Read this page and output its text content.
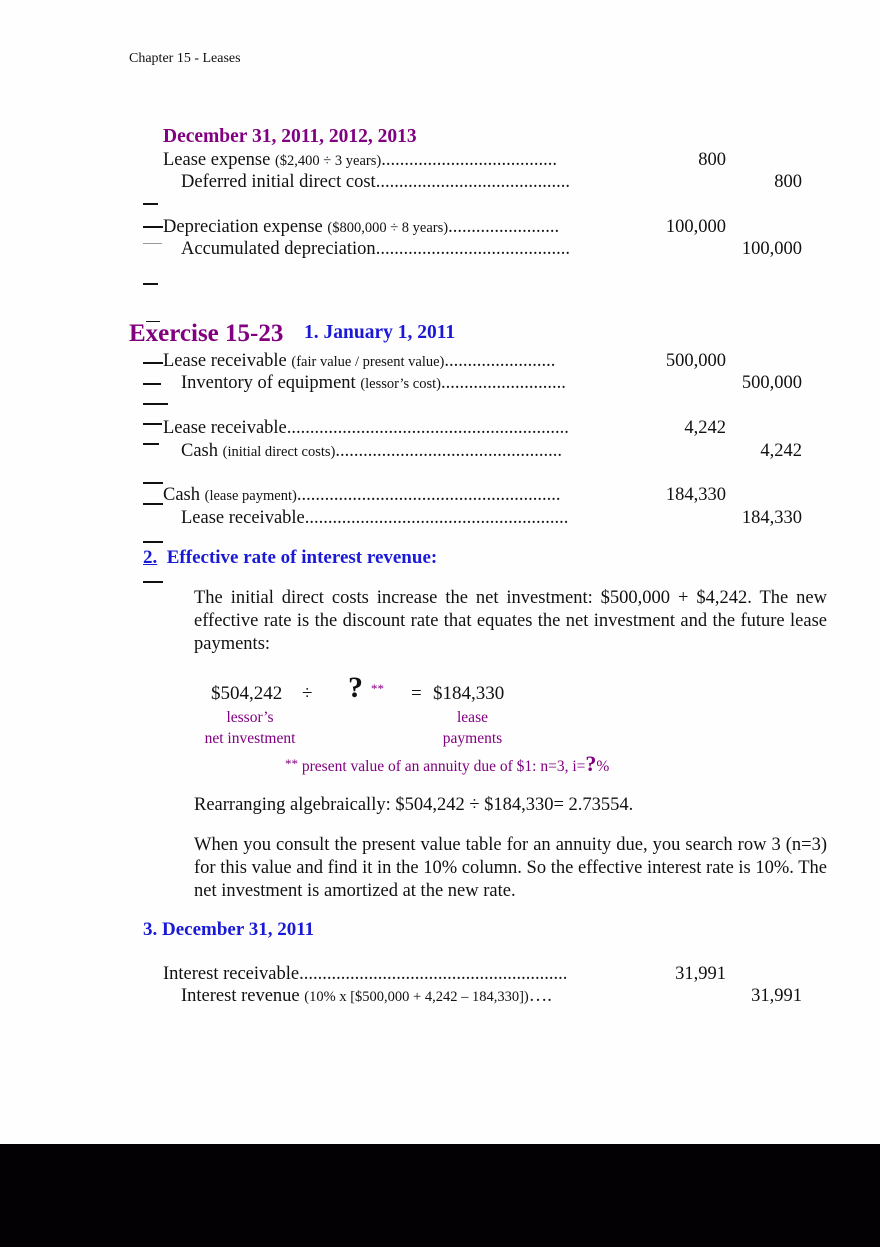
Chapter 15 - Leases
December 31, 2011, 2012, 2013
Lease expense ($2,400 ÷ 3 years)......................................	800
Deferred initial direct cost..........................................	800
Depreciation expense ($800,000 ÷ 8 years)........................	100,000
Accumulated depreciation..........................................	100,000
Exercise 15-23 1. January 1, 2011
Lease receivable (fair value / present value)........................	500,000
Inventory of equipment (lessor’s cost)...........................	500,000
Lease receivable.............................................................	4,242
Cash (initial direct costs).................................................	4,242
Cash (lease payment).........................................................	184,330
Lease receivable.........................................................	184,330
2. Effective rate of interest revenue:
The initial direct costs increase the net investment: $500,000 + $4,242. The new effective rate is the discount rate that equates the net investment and the future lease payments:
$504,242 ÷ ? ** = $184,330
lessor’s
net investment
lease
payments
** present value of an annuity due of $1: n=3, i=?%
Rearranging algebraically: $504,242 ÷ $184,330= 2.73554.
When you consult the present value table for an annuity due, you search row 3 (n=3) for this value and find it in the 10% column. So the effective interest rate is 10%. The net investment is amortized at the new rate.
3. December 31, 2011
Interest receivable..........................................................	31,991
Interest revenue (10% x [$500,000 + 4,242 – 184,330])….	31,991
